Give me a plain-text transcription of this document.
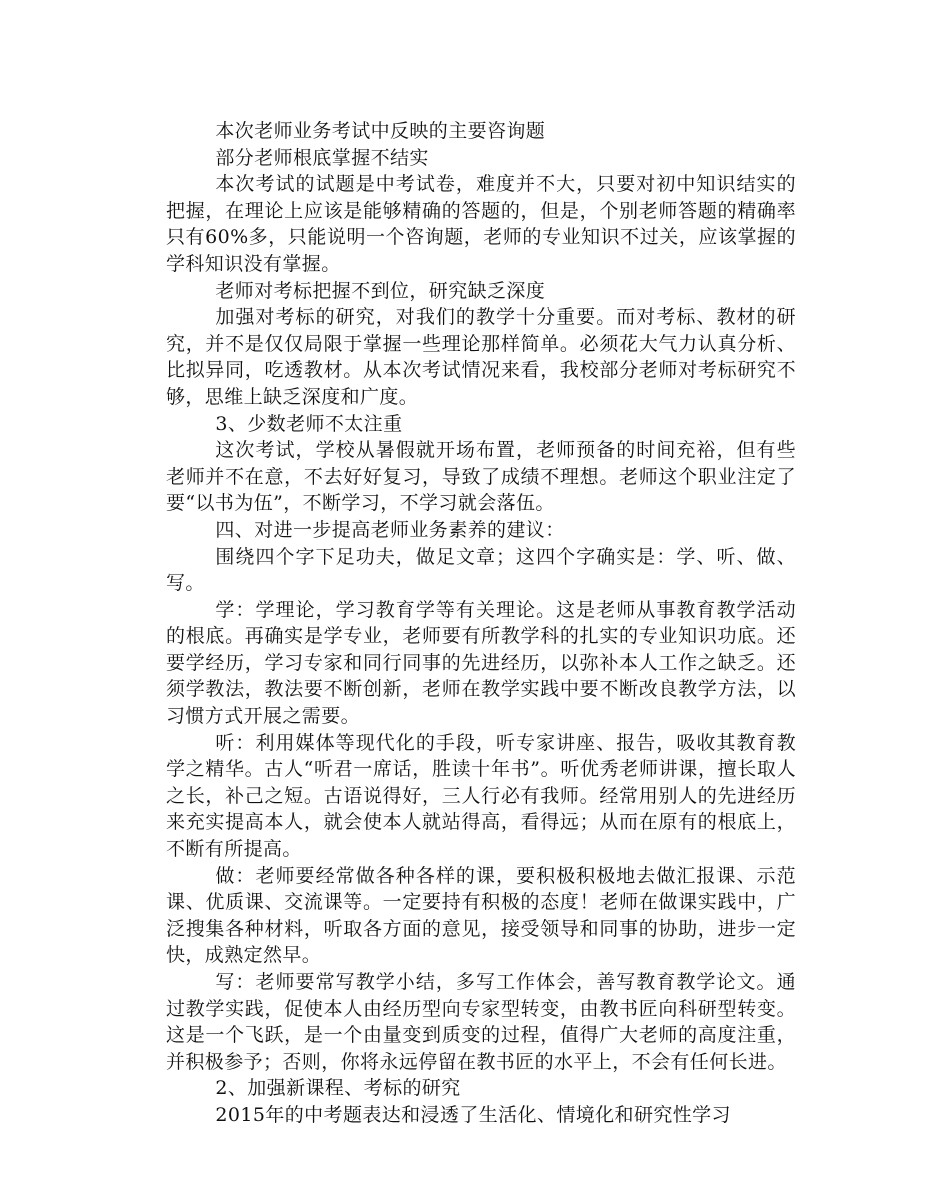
本次老师业务考试中反映的主要咨询题

部分老师根底掌握不结实

本次考试的试题是中考试卷，难度并不大，只要对初中知识结实的把握，在理论上应该是能够精确的答题的，但是，个别老师答题的精确率只有60%多，只能说明一个咨询题，老师的专业知识不过关，应该掌握的学科知识没有掌握。

老师对考标把握不到位，研究缺乏深度

加强对考标的研究，对我们的教学十分重要。而对考标、教材的研究，并不是仅仅局限于掌握一些理论那样简单。必须花大气力认真分析、比拟异同，吃透教材。从本次考试情况来看，我校部分老师对考标研究不够，思维上缺乏深度和广度。

3、少数老师不太注重

这次考试，学校从暑假就开场布置，老师预备的时间充裕，但有些老师并不在意，不去好好复习，导致了成绩不理想。老师这个职业注定了要“以书为伍”，不断学习，不学习就会落伍。

四、对进一步提高老师业务素养的建议：

围绕四个字下足功夫，做足文章；这四个字确实是：学、听、做、写。

学：学理论，学习教育学等有关理论。这是老师从事教育教学活动的根底。再确实是学专业，老师要有所教学科的扎实的专业知识功底。还要学经历，学习专家和同行同事的先进经历，以弥补本人工作之缺乏。还须学教法，教法要不断创新，老师在教学实践中要不断改良教学方法，以习惯方式开展之需要。

听：利用媒体等现代化的手段，听专家讲座、报告，吸收其教育教学之精华。古人“听君一席话，胜读十年书”。听优秀老师讲课，擅长取人之长，补己之短。古语说得好，三人行必有我师。经常用别人的先进经历来充实提高本人，就会使本人就站得高，看得远；从而在原有的根底上，不断有所提高。

做：老师要经常做各种各样的课，要积极积极地去做汇报课、示范课、优质课、交流课等。一定要持有积极的态度！老师在做课实践中，广泛搜集各种材料，听取各方面的意见，接受领导和同事的协助，进步一定快，成熟定然早。

写：老师要常写教学小结，多写工作体会，善写教育教学论文。通过教学实践，促使本人由经历型向专家型转变，由教书匠向科研型转变。这是一个飞跃，是一个由量变到质变的过程，值得广大老师的高度注重，并积极参予；否则，你将永远停留在教书匠的水平上，不会有任何长进。

2、加强新课程、考标的研究

2015年的中考题表达和浸透了生活化、情境化和研究性学习
